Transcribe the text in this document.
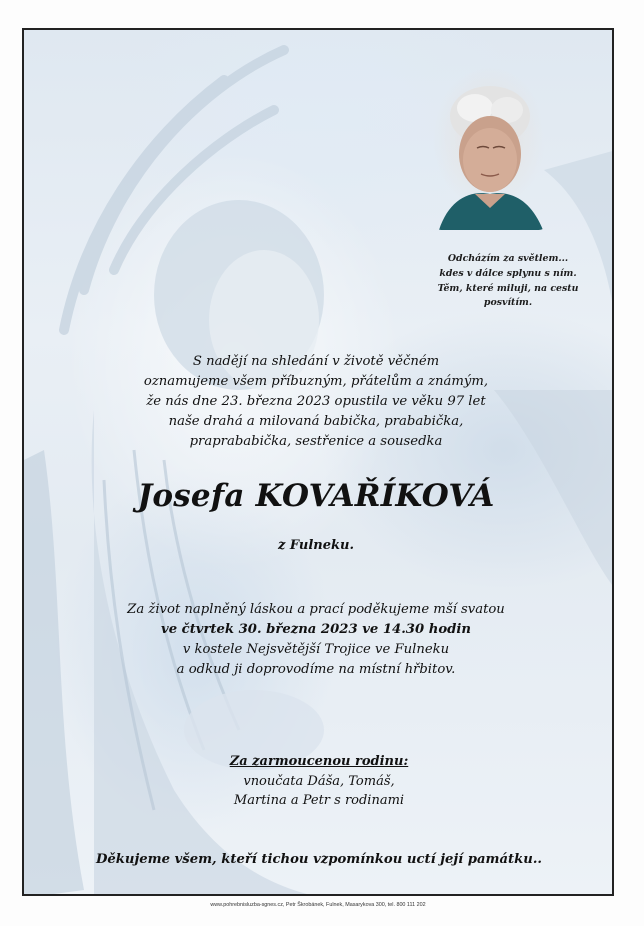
Odcházím za světlem...
kdes v dálce splynu s ním.
Těm, které miluji, na cestu posvítím.
S nadějí na shledání v životě věčném
oznamujeme všem příbuzným, přátelům a známým,
že nás dne 23. března 2023 opustila ve věku 97 let
naše drahá a milovaná babička, prababička,
praprababička, sestřenice a sousedka
Josefa KOVAŘÍKOVÁ
z Fulneku.
Za život naplněný láskou a prací poděkujeme mší svatou
ve čtvrtek 30. března 2023 ve 14.30 hodin
v kostele Nejsvětější Trojice ve Fulneku
a odkud ji doprovodíme na místní hřbitov.
Za zarmoucenou rodinu:
vnoučata Dáša, Tomáš,
Martina a Petr s rodinami
Děkujeme všem, kteří tichou vzpomínkou uctí její památku..
www.pohrebnisluzba-sgnes.cz, Petr Škrobánek, Fulnek, Masarykova 300, tel. 800 111 202
